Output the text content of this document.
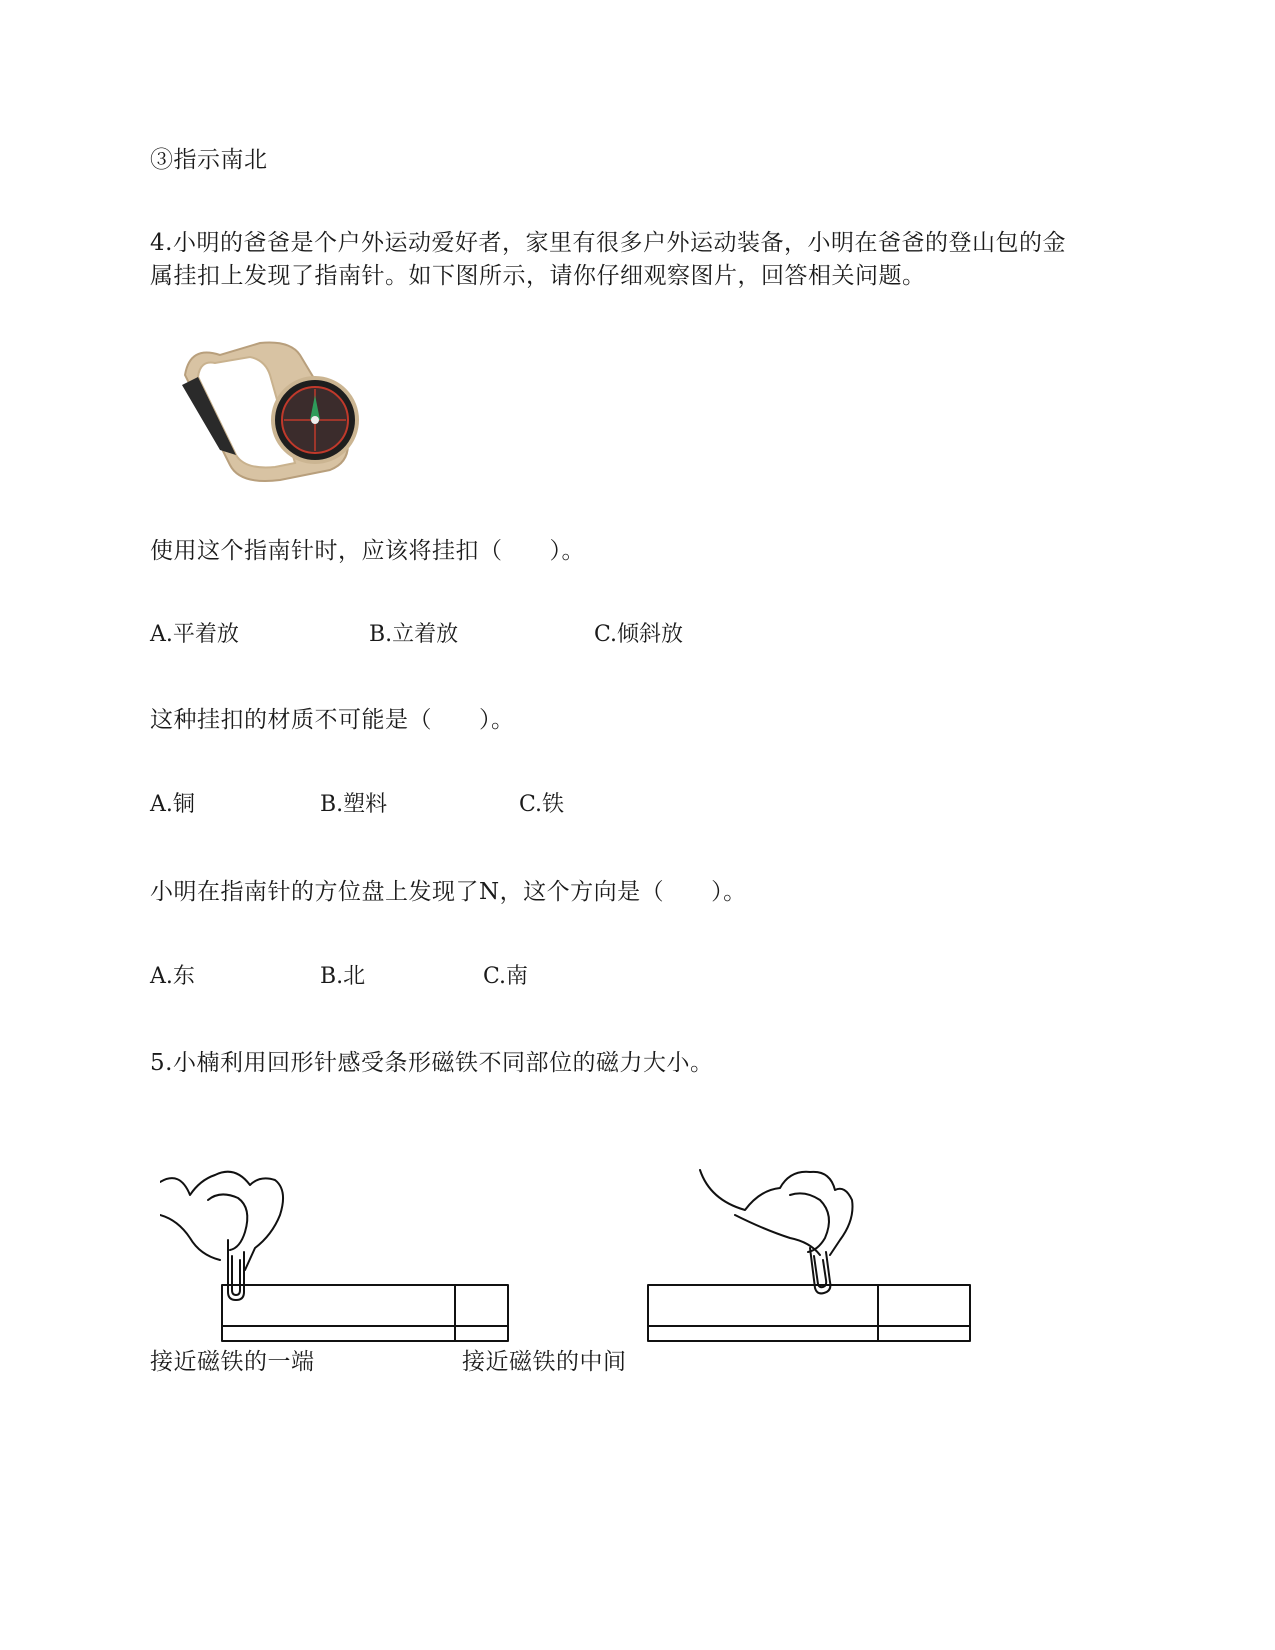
③指示南北
4.小明的爸爸是个户外运动爱好者，家里有很多户外运动装备，小明在爸爸的登山包的金
属挂扣上发现了指南针。如下图所示，请你仔细观察图片，回答相关问题。
使用这个指南针时，应该将挂扣（　　）。
A.平着放	B.立着放	C.倾斜放
这种挂扣的材质不可能是（　　）。
A.铜	B.塑料	C.铁
小明在指南针的方位盘上发现了N，这个方向是（　　）。
A.东	B.北	C.南
5.小楠利用回形针感受条形磁铁不同部位的磁力大小。
接近磁铁的一端	接近磁铁的中间
